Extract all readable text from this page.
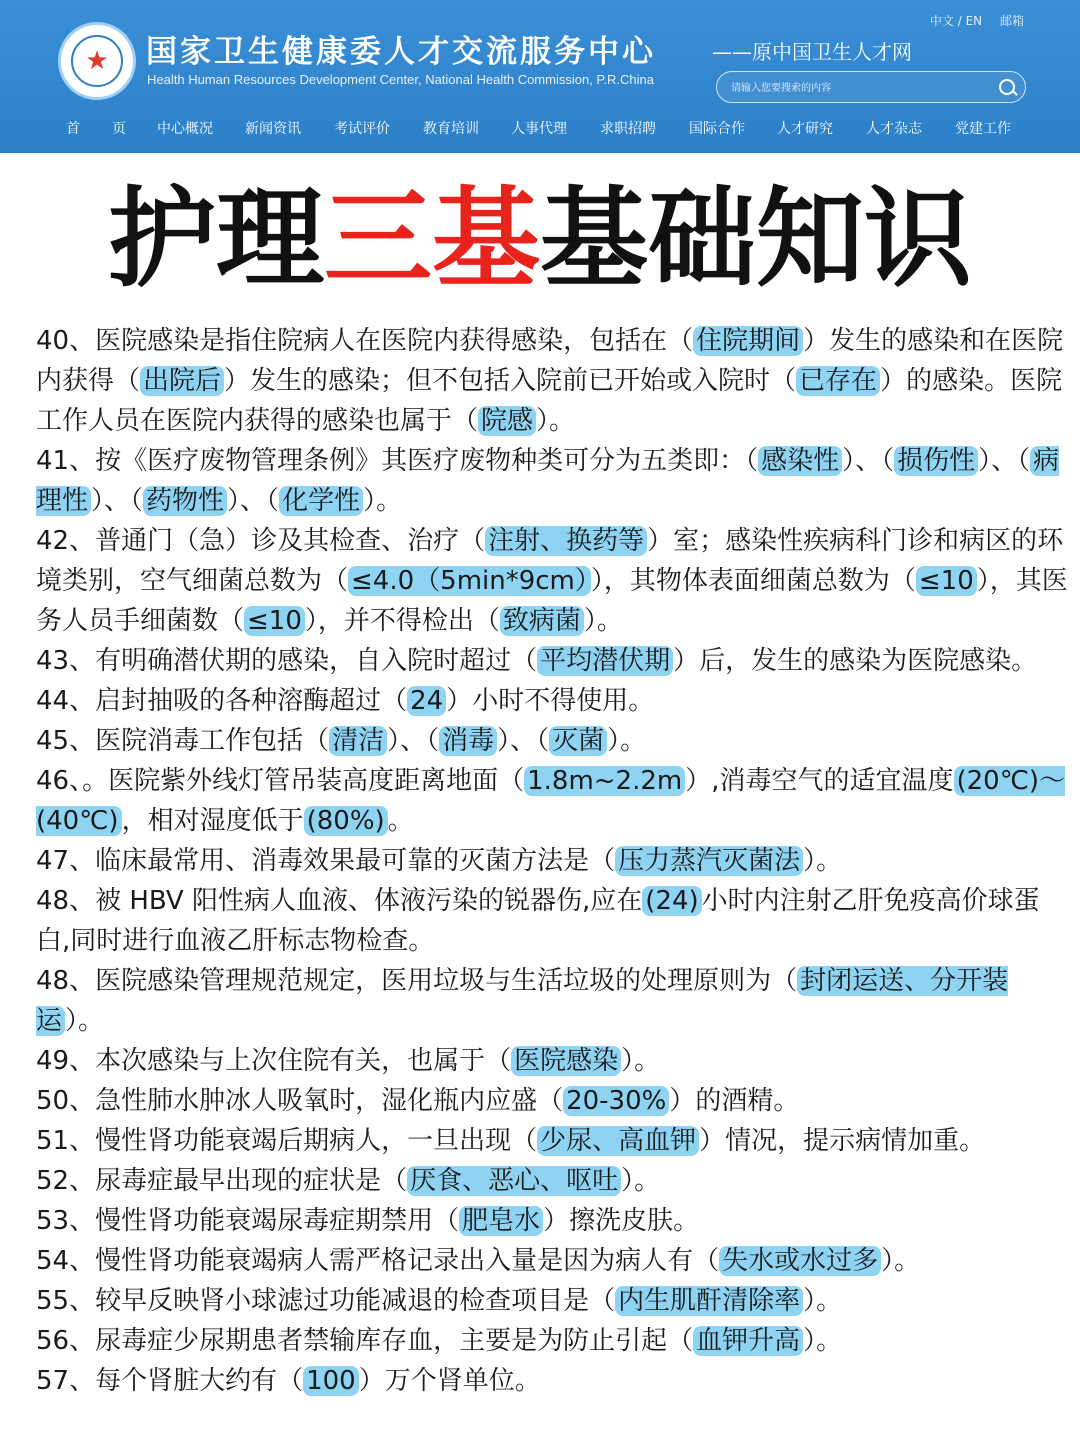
★	国家卫生健康委人才交流服务中心
Health Human Resources Development Center, National Health Commission, P.R.China
——原中国卫生人才网
中文 / EN 邮箱
请输入您要搜索的内容
首 页 中心概况 新闻资讯 考试评价 教育培训 人事代理 求职招聘 国际合作 人才研究 人才杂志 党建工作
护理三基基础知识

40、医院感染是指住院病人在医院内获得感染，包括在（ 住院期间 ）发生的感染和在医院内获得（ 出院后 ）发生的感染；但不包括入院前已开始或入院时（ 已存在 ）的感染。医院工作人员在医院内获得的感染也属于（ 院感 ）。

41、按《医疗废物管理条例》其医疗废物种类可分为五类即：（ 感染性 ）、（ 损伤性 ）、（ 病理性 ）、（ 药物性 ）、（ 化学性 ）。

42、普通门（急）诊及其检查、治疗（ 注射、换药等 ）室；感染性疾病科门诊和病区的环境类别，空气细菌总数为（ ≤4.0（5min*9cm） ），其物体表面细菌总数为（ ≤10 ），其医务人员手细菌数（ ≤10 ），并不得检出（ 致病菌 ）。

43、有明确潜伏期的感染，自入院时超过（ 平均潜伏期 ）后，发生的感染为医院感染。

44、启封抽吸的各种溶酶超过（ 24 ）小时不得使用。

45、医院消毒工作包括（ 清洁 ）、（ 消毒 ）、（ 灭菌 ）。

46、。医院紫外线灯管吊装高度距离地面（ 1.8m~2.2m ）,消毒空气的适宜温度 (20℃)～(40℃) ，相对湿度低于 (80%) 。

47、临床最常用、消毒效果最可靠的灭菌方法是（ 压力蒸汽灭菌法 ）。

48、被 HBV 阳性病人血液、体液污染的锐器伤,应在 (24) 小时内注射乙肝免疫高价球蛋白,同时进行血液乙肝标志物检查。

48、医院感染管理规范规定，医用垃圾与生活垃圾的处理原则为（ 封闭运送、分开装运 ）。

49、本次感染与上次住院有关，也属于（ 医院感染 ）。

50、急性肺水肿冰人吸氧时，湿化瓶内应盛（ 20-30% ）的酒精。

51、慢性肾功能衰竭后期病人，一旦出现（ 少尿、高血钾 ）情况，提示病情加重。

52、尿毒症最早出现的症状是（ 厌食、恶心、呕吐 ）。

53、慢性肾功能衰竭尿毒症期禁用（ 肥皂水 ）擦洗皮肤。

54、慢性肾功能衰竭病人需严格记录出入量是因为病人有（ 失水或水过多 ）。

55、较早反映肾小球滤过功能减退的检查项目是（ 内生肌酐清除率 ）。

56、尿毒症少尿期患者禁输库存血，主要是为防止引起（ 血钾升高 ）。

57、每个肾脏大约有（ 100 ）万个肾单位。
